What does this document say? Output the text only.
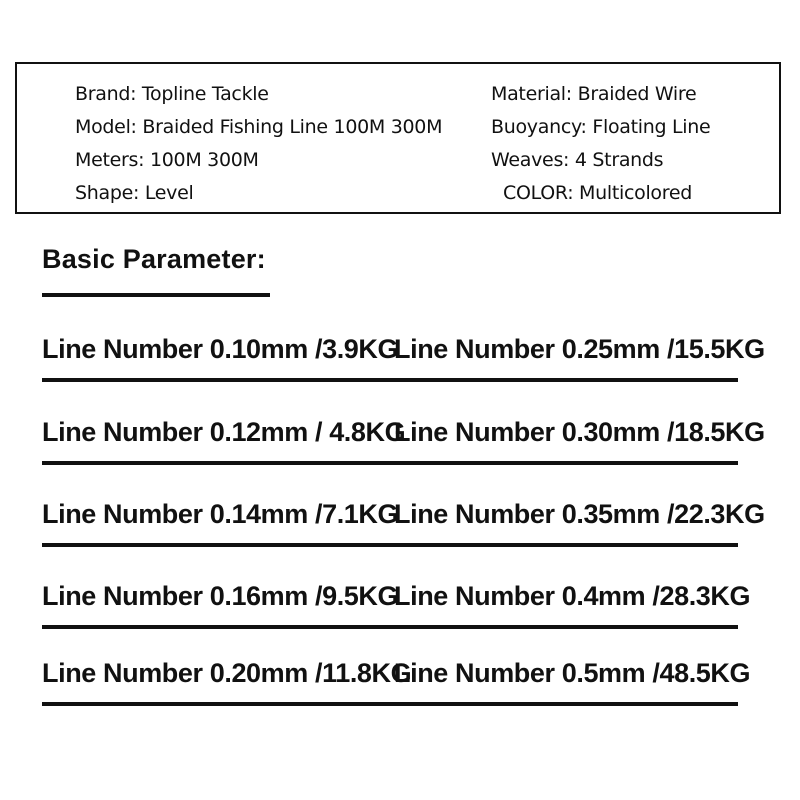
Brand: Topline Tackle
Model: Braided Fishing Line 100M 300M
Meters: 100M 300M
Shape: Level
Material: Braided Wire
Buoyancy: Floating Line
Weaves: 4 Strands
COLOR: Multicolored
Basic Parameter:
Line Number 0.10mm /3.9KG
Line Number 0.25mm /15.5KG
Line Number 0.12mm / 4.8KG
Line Number 0.30mm /18.5KG
Line Number 0.14mm /7.1KG
Line Number 0.35mm /22.3KG
Line Number 0.16mm /9.5KG
Line Number 0.4mm /28.3KG
Line Number 0.20mm /11.8KG
Line Number 0.5mm /48.5KG
